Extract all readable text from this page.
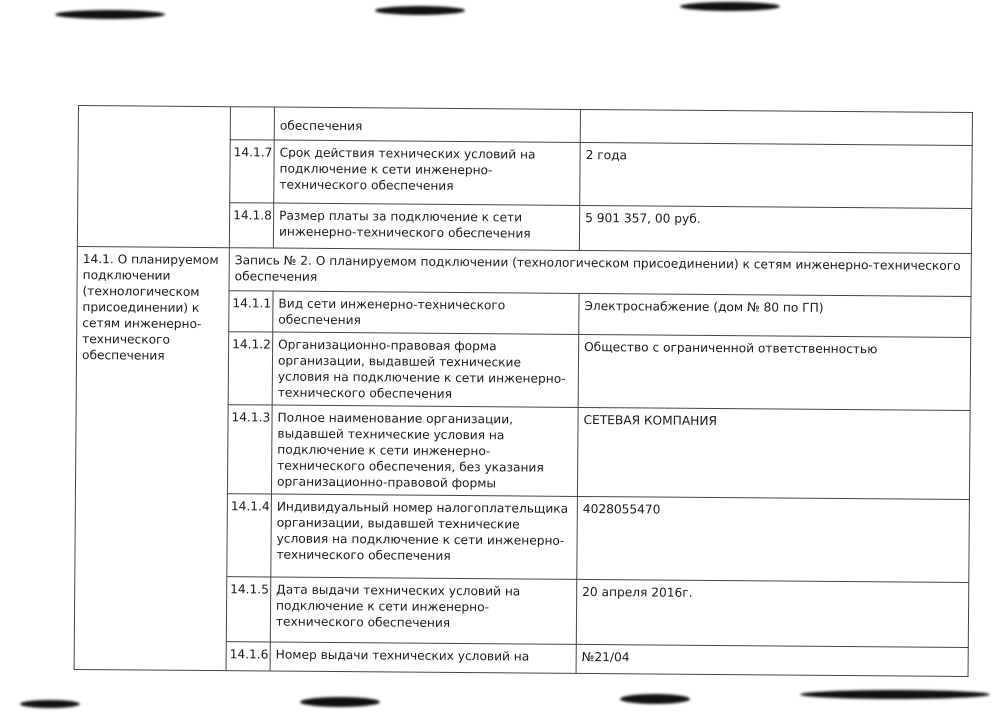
		обеспечения	
	14.1.7	Срок действия технических условий на подключение к сети инженерно-технического обеспечения	2 года
	14.1.8	Размер платы за подключение к сети инженерно-технического обеспечения	5 901 357, 00 руб.
14.1. О планируемом подключении (технологическом присоединении) к сетям инженерно-технического обеспечения	Запись № 2. О планируемом подключении (технологическом присоединении) к сетям инженерно-технического обеспечения		
	14.1.1	Вид сети инженерно-технического обеспечения	Электроснабжение (дом № 80 по ГП)
	14.1.2	Организационно-правовая форма организации, выдавшей технические условия на подключение к сети инженерно-технического обеспечения	Общество с ограниченной ответственностью
	14.1.3	Полное наименование организации, выдавшей технические условия на подключение к сети инженерно-технического обеспечения, без указания организационно-правовой формы	СЕТЕВАЯ КОМПАНИЯ
	14.1.4	Индивидуальный номер налогоплательщика организации, выдавшей технические условия на подключение к сети инженерно-технического обеспечения	4028055470
	14.1.5	Дата выдачи технических условий на подключение к сети инженерно-технического обеспечения	20 апреля 2016г.
	14.1.6	Номер выдачи технических условий на	№21/04
